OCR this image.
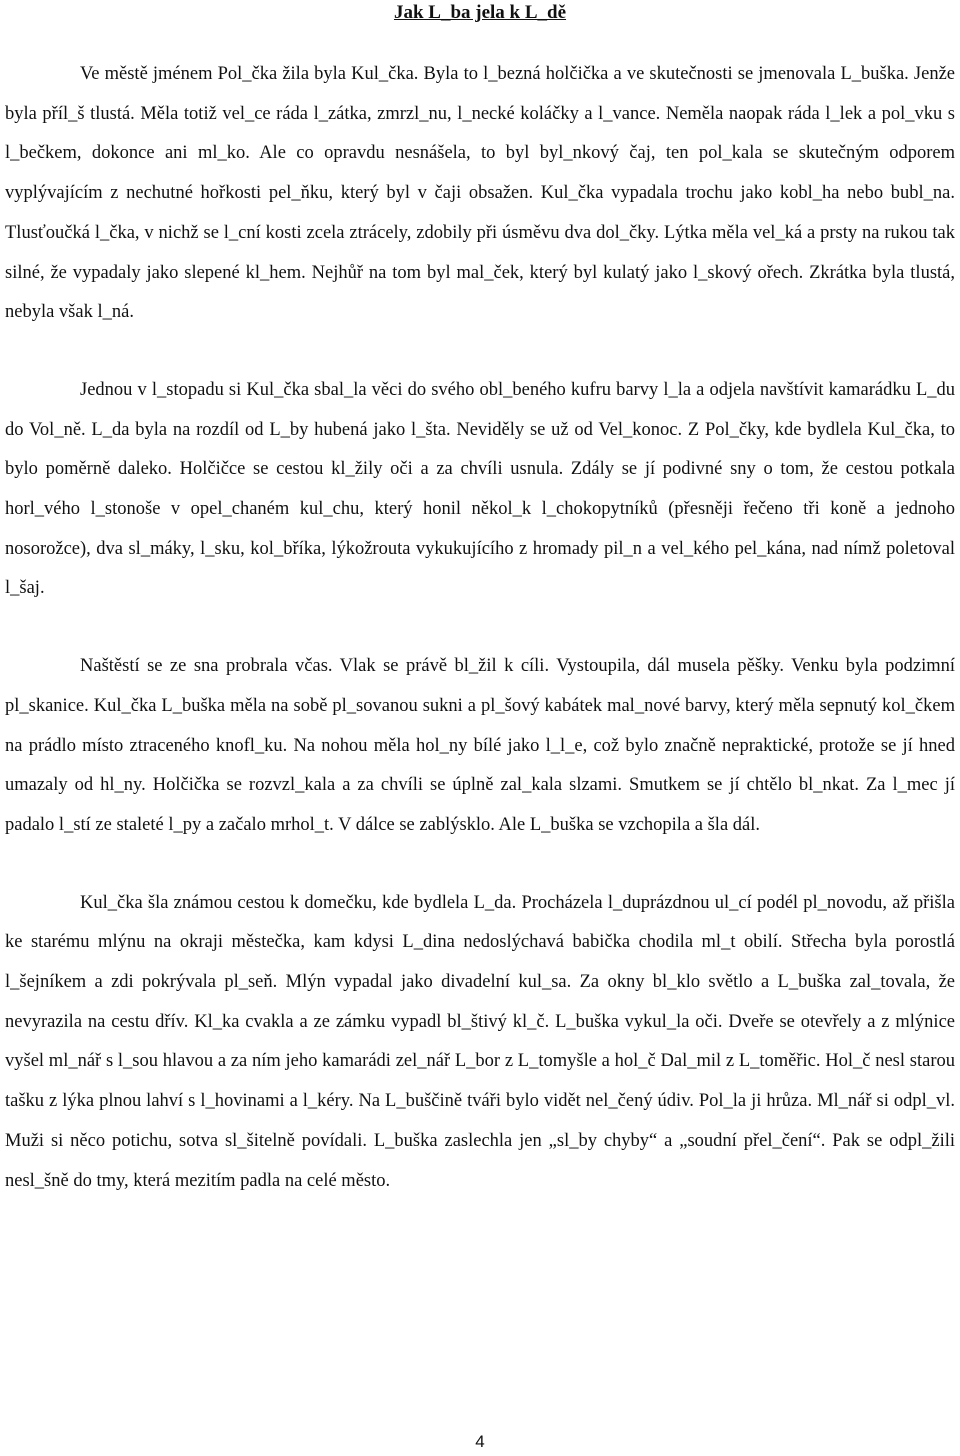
Jak L_ba jela k L_dě

Ve městě jménem Pol_čka žila byla Kul_čka. Byla to l_bezná holčička a ve skutečnosti se jmenovala L_buška. Jenže byla příl_š tlustá. Měla totiž vel_ce ráda l_zátka, zmrzl_nu, l_necké koláčky a l_vance. Neměla naopak ráda l_lek a pol_vku s l_bečkem, dokonce ani ml_ko. Ale co opravdu nesnášela, to byl byl_nkový čaj, ten pol_kala se skutečným odporem vyplývajícím z nechutné hořkosti pel_ňku, který byl v čaji obsažen. Kul_čka vypadala trochu jako kobl_ha nebo bubl_na. Tlusťoučká l_čka, v nichž se l_cní kosti zcela ztrácely, zdobily při úsměvu dva dol_čky. Lýtka měla vel_ká a prsty na rukou tak silné, že vypadaly jako slepené kl_hem. Nejhůř na tom byl mal_ček, který byl kulatý jako l_skový ořech. Zkrátka byla tlustá, nebyla však l_ná.

Jednou v l_stopadu si Kul_čka sbal_la věci do svého obl_beného kufru barvy l_la a odjela navštívit kamarádku L_du do Vol_ně. L_da byla na rozdíl od L_by hubená jako l_šta. Neviděly se už od Vel_konoc. Z Pol_čky, kde bydlela Kul_čka, to bylo poměrně daleko. Holčičce se cestou kl_žily oči a za chvíli usnula. Zdály se jí podivné sny o tom, že cestou potkala horl_vého l_stonoše v opel_chaném kul_chu, který honil někol_k l_chokopytníků (přesněji řečeno tři koně a jednoho nosorožce), dva sl_máky, l_sku, kol_bříka, lýkožrouta vykukujícího z hromady pil_n a vel_kého pel_kána, nad nímž poletoval l_šaj.

Naštěstí se ze sna probrala včas. Vlak se právě bl_žil k cíli. Vystoupila, dál musela pěšky. Venku byla podzimní pl_skanice. Kul_čka L_buška měla na sobě pl_sovanou sukni a pl_šový kabátek mal_nové barvy, který měla sepnutý kol_čkem na prádlo místo ztraceného knofl_ku. Na nohou měla hol_ny bílé jako l_l_e, což bylo značně nepraktické, protože se jí hned umazaly od hl_ny. Holčička se rozvzl_kala a za chvíli se úplně zal_kala slzami. Smutkem se jí chtělo bl_nkat. Za l_mec jí padalo l_stí ze staleté l_py a začalo mrhol_t. V dálce se zablýsklo. Ale L_buška se vzchopila a šla dál.

Kul_čka šla známou cestou k domečku, kde bydlela L_da. Procházela l_duprázdnou ul_cí podél pl_novodu, až přišla ke starému mlýnu na okraji městečka, kam kdysi L_dina nedoslýchavá babička chodila ml_t obilí. Střecha byla porostlá l_šejníkem a zdi pokrývala pl_seň. Mlýn vypadal jako divadelní kul_sa. Za okny bl_klo světlo a L_buška zal_tovala, že nevyrazila na cestu dřív. Kl_ka cvakla a ze zámku vypadl bl_štivý kl_č. L_buška vykul_la oči. Dveře se otevřely a z mlýnice vyšel ml_nář s l_sou hlavou a za ním jeho kamarádi zel_nář L_bor z L_tomyšle a hol_č Dal_mil z L_toměřic. Hol_č nesl starou tašku z lýka plnou lahví s l_hovinami a l_kéry. Na L_buščině tváři bylo vidět nel_čený údiv. Pol_la ji hrůza. Ml_nář si odpl_vl. Muži si něco potichu, sotva sl_šitelně povídali. L_buška zaslechla jen „sl_by chyby“ a „soudní přel_čení“. Pak se odpl_žili nesl_šně do tmy, která mezitím padla na celé město.

4
